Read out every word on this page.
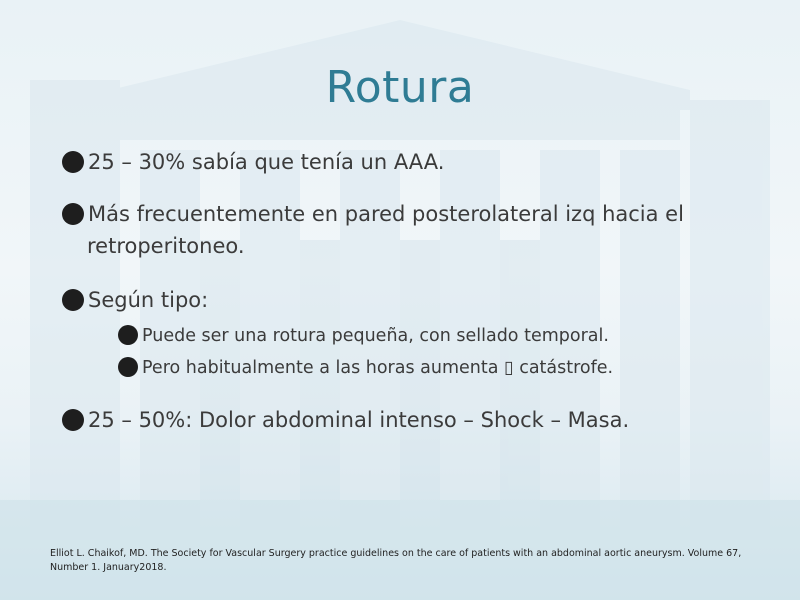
Rotura
25 – 30% sabía que tenía un AAA.
Más frecuentemente en pared posterolateral izq hacia el
retroperitoneo.
Según tipo:
Puede ser una rotura pequeña, con sellado temporal.
Pero habitualmente a las horas aumenta ▯ catástrofe.
25 – 50%: Dolor abdominal intenso – Shock – Masa.
Elliot L. Chaikof, MD. The Society for Vascular Surgery practice guidelines on the care of patients with an abdominal aortic aneurysm. Volume 67,
Number 1. January2018.
